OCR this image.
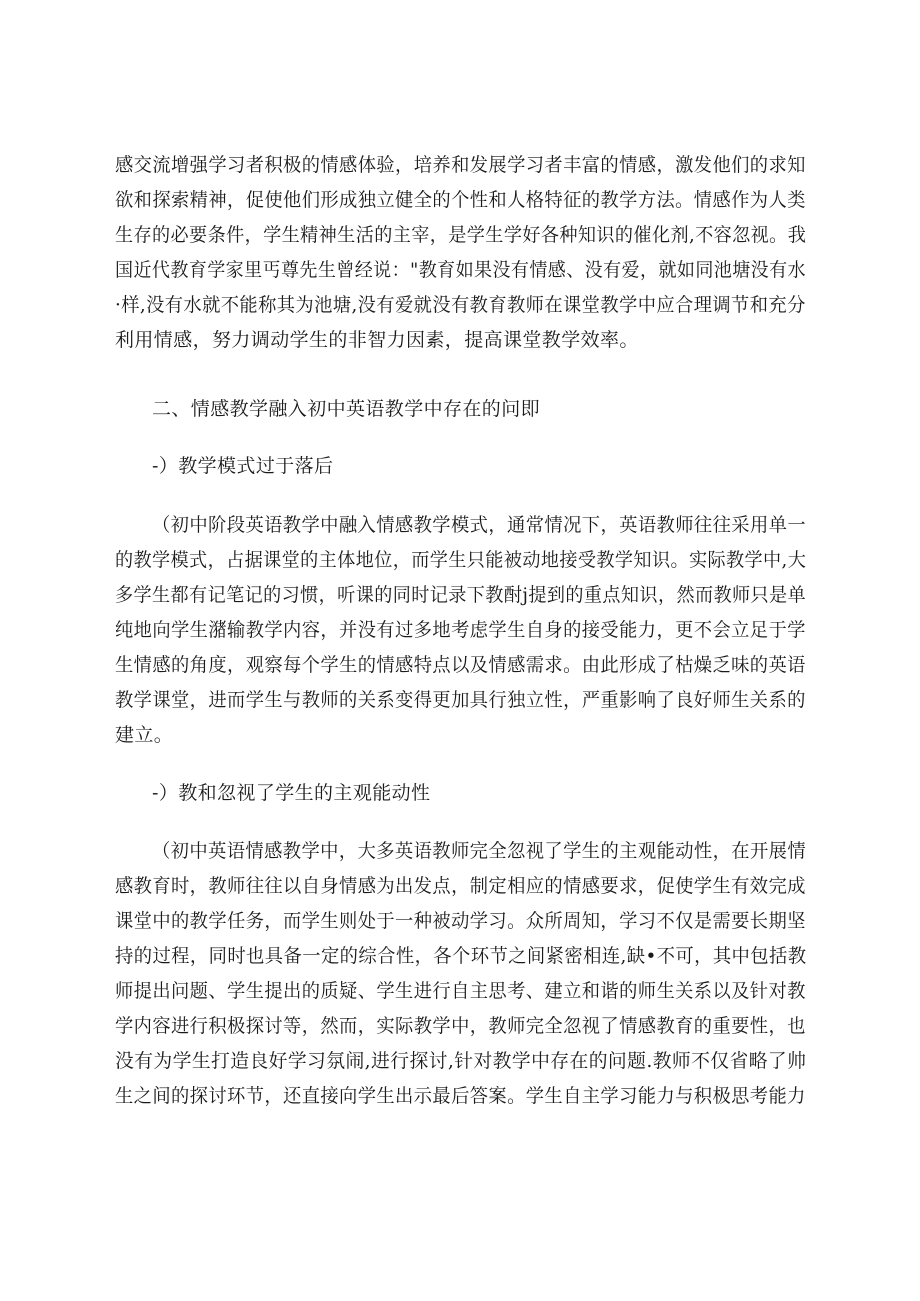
感交流增强学习者积极的情感体验，培养和发展学习者丰富的情感，激发他们的求知
欲和探索精神，促使他们形成独立健全的个性和人格特征的教学方法。情感作为人类
生存的必要条件，学生精神生活的主宰，是学生学好各种知识的催化剂,不容忽视。我
国近代教育学家里丐尊先生曾经说："教育如果没有情感、没有爱，就如同池塘没有水
·样,没有水就不能称其为池塘,没有爱就没有教育教师在课堂教学中应合理调节和充分
利用情感，努力调动学生的非智力因素，提高课堂教学效率。
二、情感教学融入初中英语教学中存在的问即
-）教学模式过于落后
（初中阶段英语教学中融入情感教学模式，通常情况下，英语教师往往采用单一
的教学模式，占据课堂的主体地位，而学生只能被动地接受教学知识。实际教学中,大
多学生都有记笔记的习惯，听课的同时记录下教酎j提到的重点知识，然而教师只是单
纯地向学生潴输教学内容，并没有过多地考虑学生自身的接受能力，更不会立足于学
生情感的角度，观察每个学生的情感特点以及情感需求。由此形成了枯燥乏味的英语
教学课堂，进而学生与教师的关系变得更加具行独立性，严重影响了良好师生关系的
建立。
-）教和忽视了学生的主观能动性
（初中英语情感教学中，大多英语教师完全忽视了学生的主观能动性，在开展情
感教育时，教师往往以自身情感为出发点，制定相应的情感要求，促使学生有效完成
课堂中的教学任务，而学生则处于一种被动学习。众所周知，学习不仅是需要长期坚
持的过程，同时也具备一定的综合性，各个环节之间紧密相连,缺•不可，其中包括教
师提出问题、学生提出的质疑、学生进行自主思考、建立和谐的师生关系以及针对教
学内容进行积极探讨等，然而，实际教学中，教师完全忽视了情感教育的重要性，也
没有为学生打造良好学习氛闹,进行探讨,针对教学中存在的问题.教师不仅省略了帅
生之间的探讨环节，还直接向学生出示最后答案。学生自主学习能力与积极思考能力
